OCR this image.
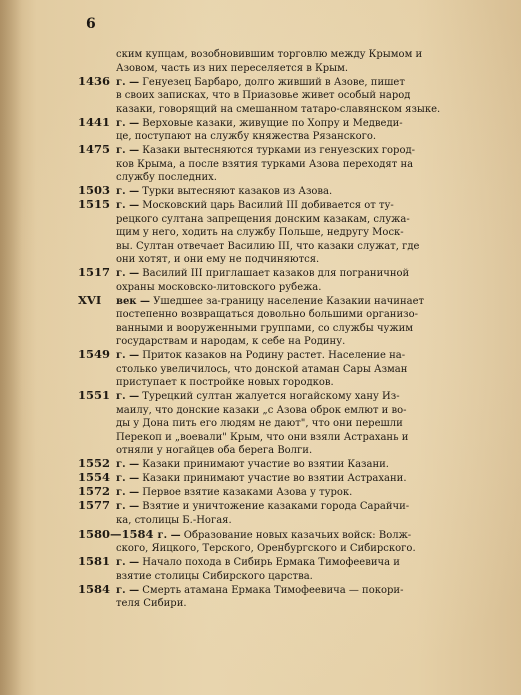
6
ским купцам, возобновившим торговлю между Крымом и
Азовом, часть из них переселяется в Крым.
1436 г. — Генуезец Барбаро, долго живший в Азове, пишет
в своих записках, что в Приазовье живет особый народ
казаки, говорящий на смешанном татаро-славянском языке.
1441 г. — Верховые казаки, живущие по Хопру и Медведи-
це, поступают на службу княжества Рязанского.
1475 г. — Казаки вытесняются турками из генуезских город-
ков Крыма, а после взятия турками Азова переходят на
службу последних.
1503 г. — Турки вытесняют казаков из Азова.
1515 г. — Московский царь Василий III добивается от ту-
рецкого султана запрещения донским казакам, служа-
щим у него, ходить на службу Польше, недругу Моск-
вы. Султан отвечает Василию III, что казаки служат, где
они хотят, и они ему не подчиняются.
1517 г. — Василий III приглашает казаков для пограничной
охраны московско-литовского рубежа.
XVI век — Ушедшее за-границу население Казакии начинает
постепенно возвращаться довольно большими организо-
ванными и вооруженными группами, со службы чужим
государствам и народам, к себе на Родину.
1549 г. — Приток казаков на Родину растет. Население на-
столько увеличилось, что донской атаман Сары Азман
приступает к постройке новых городков.
1551 г. — Турецкий султан жалуется ногайскому хану Из-
маилу, что донские казаки „с Азова оброк емлют и во-
ды у Дона пить его людям не дают", что они перешли
Перекоп и „воевали" Крым, что они взяли Астрахань и
отняли у ногайцев оба берега Волги.
1552 г. — Казаки принимают участие во взятии Казани.
1554 г. — Казаки принимают участие во взятии Астрахани.
1572 г. — Первое взятие казаками Азова у турок.
1577 г. — Взятие и уничтожение казаками города Сарайчи-
ка, столицы Б.-Ногая.
1580—1584 г. — Образование новых казачьих войск: Волж-
ского, Яицкого, Терского, Оренбургского и Сибирского.
1581 г. — Начало похода в Сибирь Ермака Тимофеевича и
взятие столицы Сибирского царства.
1584 г. — Смерть атамана Ермака Тимофеевича — покори-
теля Сибири.
